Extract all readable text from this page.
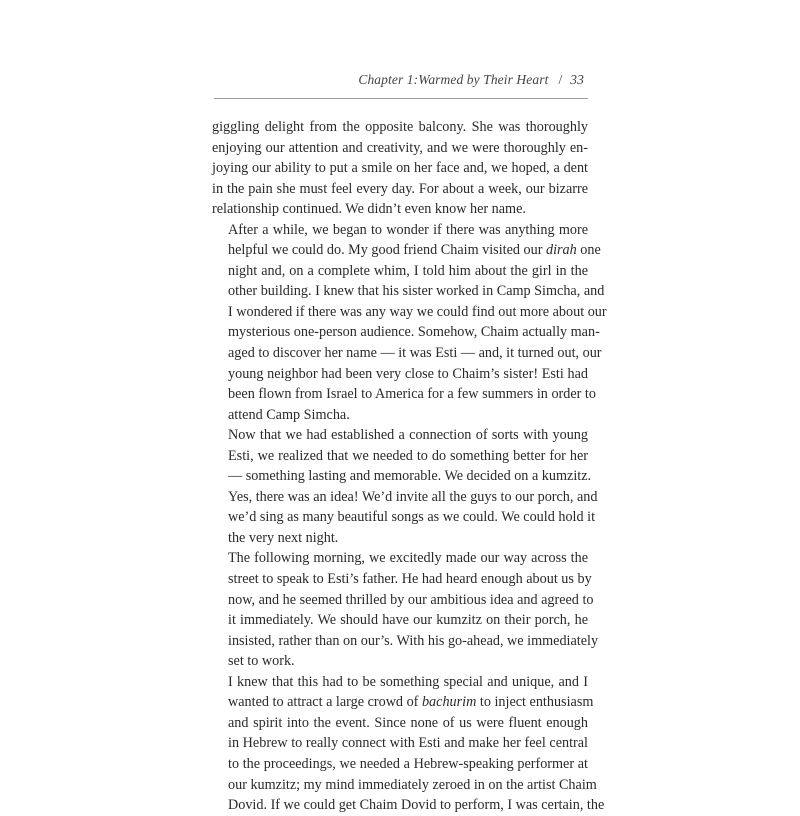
Chapter 1:Warmed by Their Heart / 33

giggling delight from the opposite balcony. She was thoroughly
enjoying our attention and creativity, and we were thoroughly en-
joying our ability to put a smile on her face and, we hoped, a dent
in the pain she must feel every day. For about a week, our bizarre
relationship continued. We didn’t even know her name.

After a while, we began to wonder if there was anything more
helpful we could do. My good friend Chaim visited our dirah one
night and, on a complete whim, I told him about the girl in the
other building. I knew that his sister worked in Camp Simcha, and
I wondered if there was any way we could find out more about our
mysterious one-person audience. Somehow, Chaim actually man-
aged to discover her name — it was Esti — and, it turned out, our
young neighbor had been very close to Chaim’s sister! Esti had
been flown from Israel to America for a few summers in order to
attend Camp Simcha.

Now that we had established a connection of sorts with young
Esti, we realized that we needed to do something better for her
— something lasting and memorable. We decided on a kumzitz.
Yes, there was an idea! We’d invite all the guys to our porch, and
we’d sing as many beautiful songs as we could. We could hold it
the very next night.

The following morning, we excitedly made our way across the
street to speak to Esti’s father. He had heard enough about us by
now, and he seemed thrilled by our ambitious idea and agreed to
it immediately. We should have our kumzitz on their porch, he
insisted, rather than on our’s. With his go-ahead, we immediately
set to work.

I knew that this had to be something special and unique, and I
wanted to attract a large crowd of bachurim to inject enthusiasm
and spirit into the event. Since none of us were fluent enough
in Hebrew to really connect with Esti and make her feel central
to the proceedings, we needed a Hebrew-speaking performer at
our kumzitz; my mind immediately zeroed in on the artist Chaim
Dovid. If we could get Chaim Dovid to perform, I was certain, the
